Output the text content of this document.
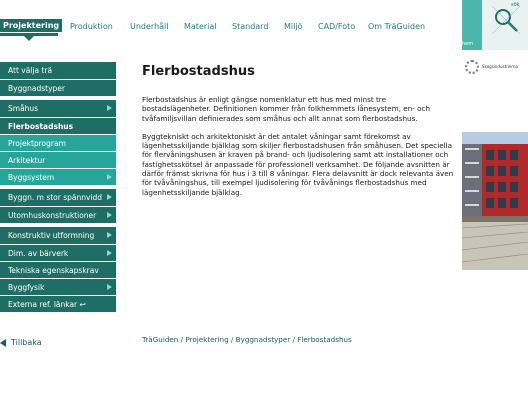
Projektering	Produktion Underhåll Material Standard Miljö CAD/Foto Om TräGuiden
hem
sök
Skogsindustrierna
Att välja trä
Byggnadstyper
Småhus
Flerbostadshus
Projektprogram
Arkitektur
Byggsystem
Byggn. m stor spännvidd
Utomhuskonstruktioner
Konstruktiv utformning
Dim. av bärverk
Tekniska egenskapskrav
Byggfysik
Externa ref. länkar ↩
Tillbaka
Flerbostadshus

Flerbostadshus är enligt gängse nomenklatur ett hus med minst tre bostadslägenheter. Definitionen kommer från folkhemmets lånesystem, en- och tvåfamiljsvillan definierades som småhus och allt annat som flerbostadshus.

Byggtekniskt och arkitektoniskt är det antalet våningar samt förekomst av lägenhetsskiljande bjälklag som skiljer flerbostadshusen från småhusen. Det speciella för flervåningshusen är kraven på brand- och ljudisolering samt att installationer och fastighetsskötsel är anpassade för professionell verksamhet. De följande avsnitten är därför främst skrivna för hus i 3 till 8 våningar. Flera delavsnitt är dock relevanta även för tvåvåningshus, till exempel ljudisolering för tvåvånings flerbostadshus med lägenhetsskiljande bjälklag.

TräGuiden / Projektering / Byggnadstyper / Flerbostadshus
